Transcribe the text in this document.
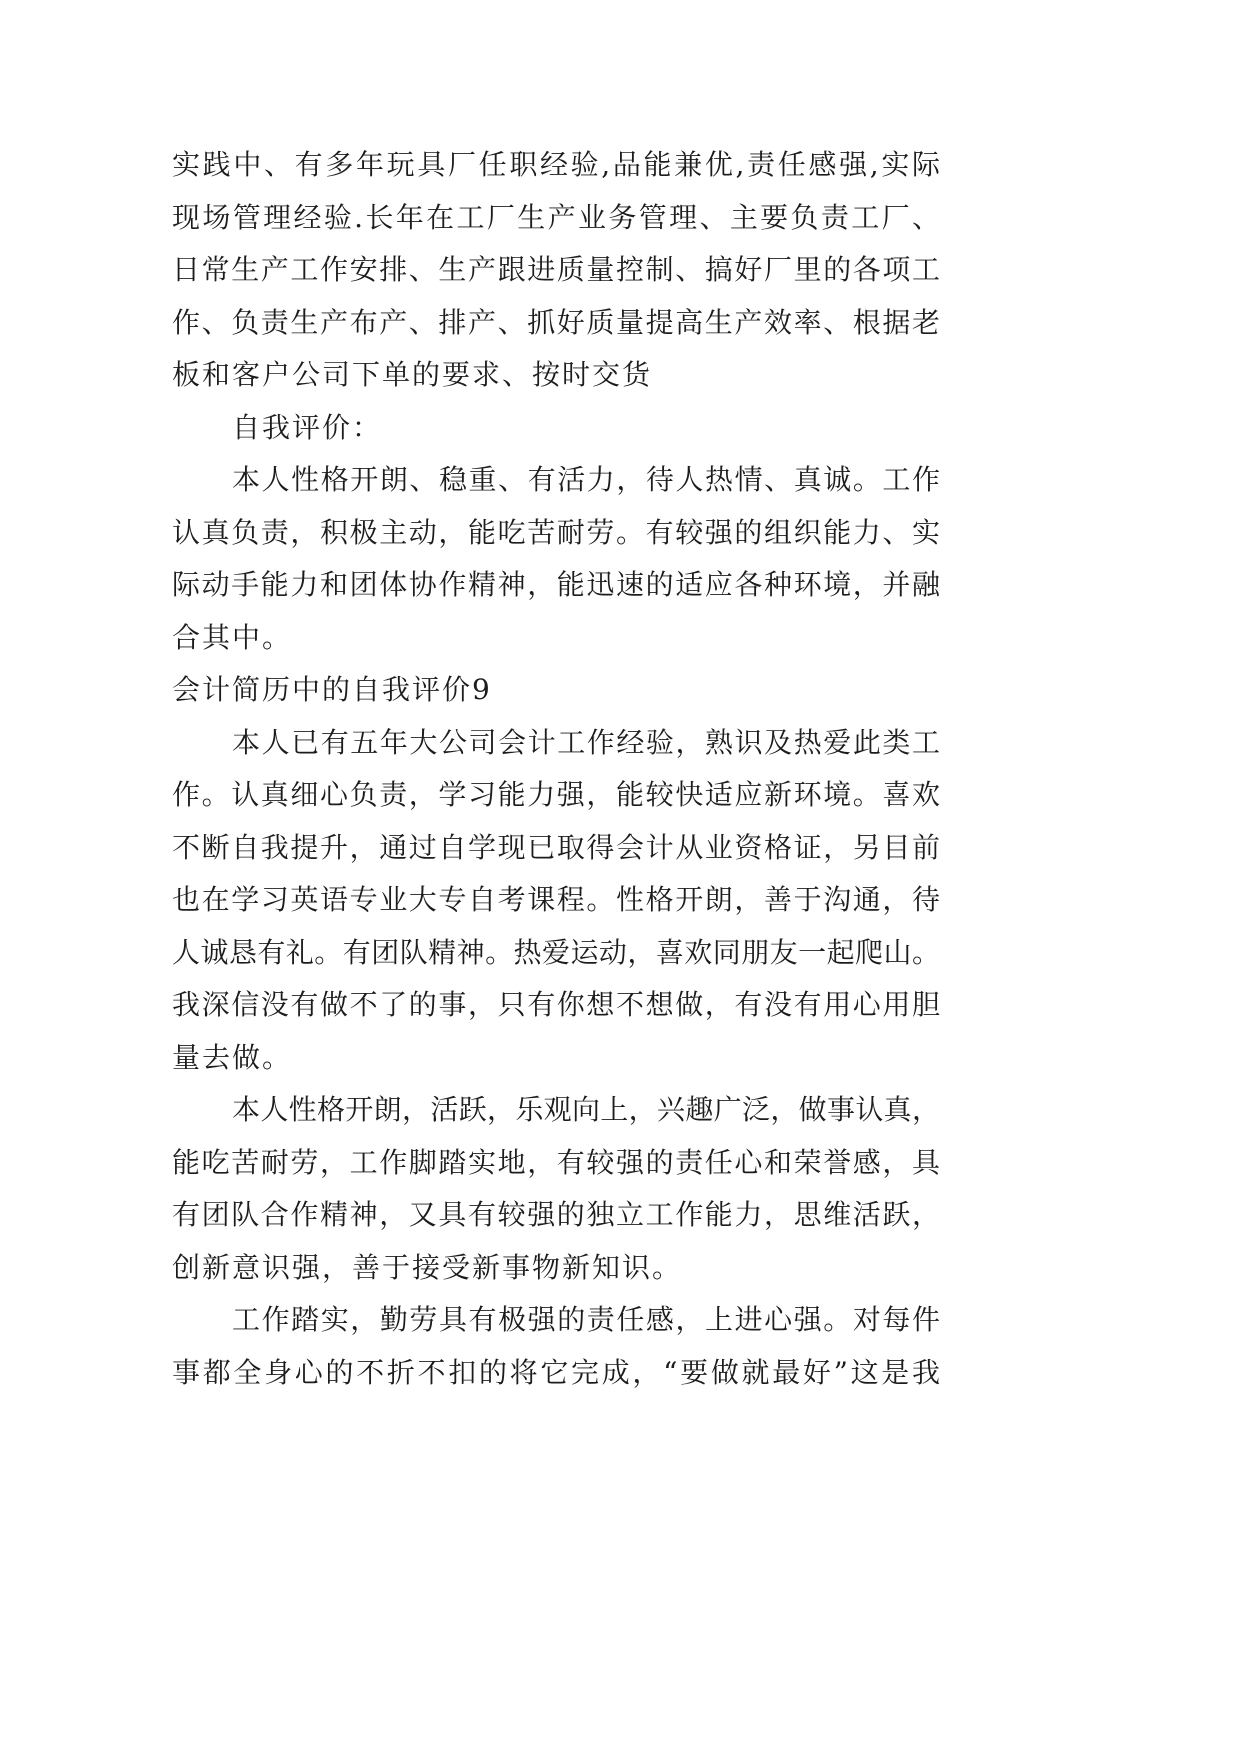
实践中、有多年玩具厂任职经验,品能兼优,责任感强,实际
现场管理经验.长年在工厂生产业务管理、主要负责工厂、
日常生产工作安排、生产跟进质量控制、搞好厂里的各项工
作、负责生产布产、排产、抓好质量提高生产效率、根据老
板和客户公司下单的要求、按时交货
自我评价：
本人性格开朗、稳重、有活力，待人热情、真诚。工作
认真负责，积极主动，能吃苦耐劳。有较强的组织能力、实
际动手能力和团体协作精神，能迅速的适应各种环境，并融
合其中。
会计简历中的自我评价9
本人已有五年大公司会计工作经验，熟识及热爱此类工
作。认真细心负责，学习能力强，能较快适应新环境。喜欢
不断自我提升，通过自学现已取得会计从业资格证，另目前
也在学习英语专业大专自考课程。性格开朗，善于沟通，待
人诚恳有礼。有团队精神。热爱运动，喜欢同朋友一起爬山。
我深信没有做不了的事，只有你想不想做，有没有用心用胆
量去做。
本人性格开朗，活跃，乐观向上，兴趣广泛，做事认真，
能吃苦耐劳，工作脚踏实地，有较强的责任心和荣誉感，具
有团队合作精神，又具有较强的独立工作能力，思维活跃，
创新意识强，善于接受新事物新知识。
工作踏实，勤劳具有极强的责任感，上进心强。对每件
事都全身心的不折不扣的将它完成，“要做就最好”这是我
